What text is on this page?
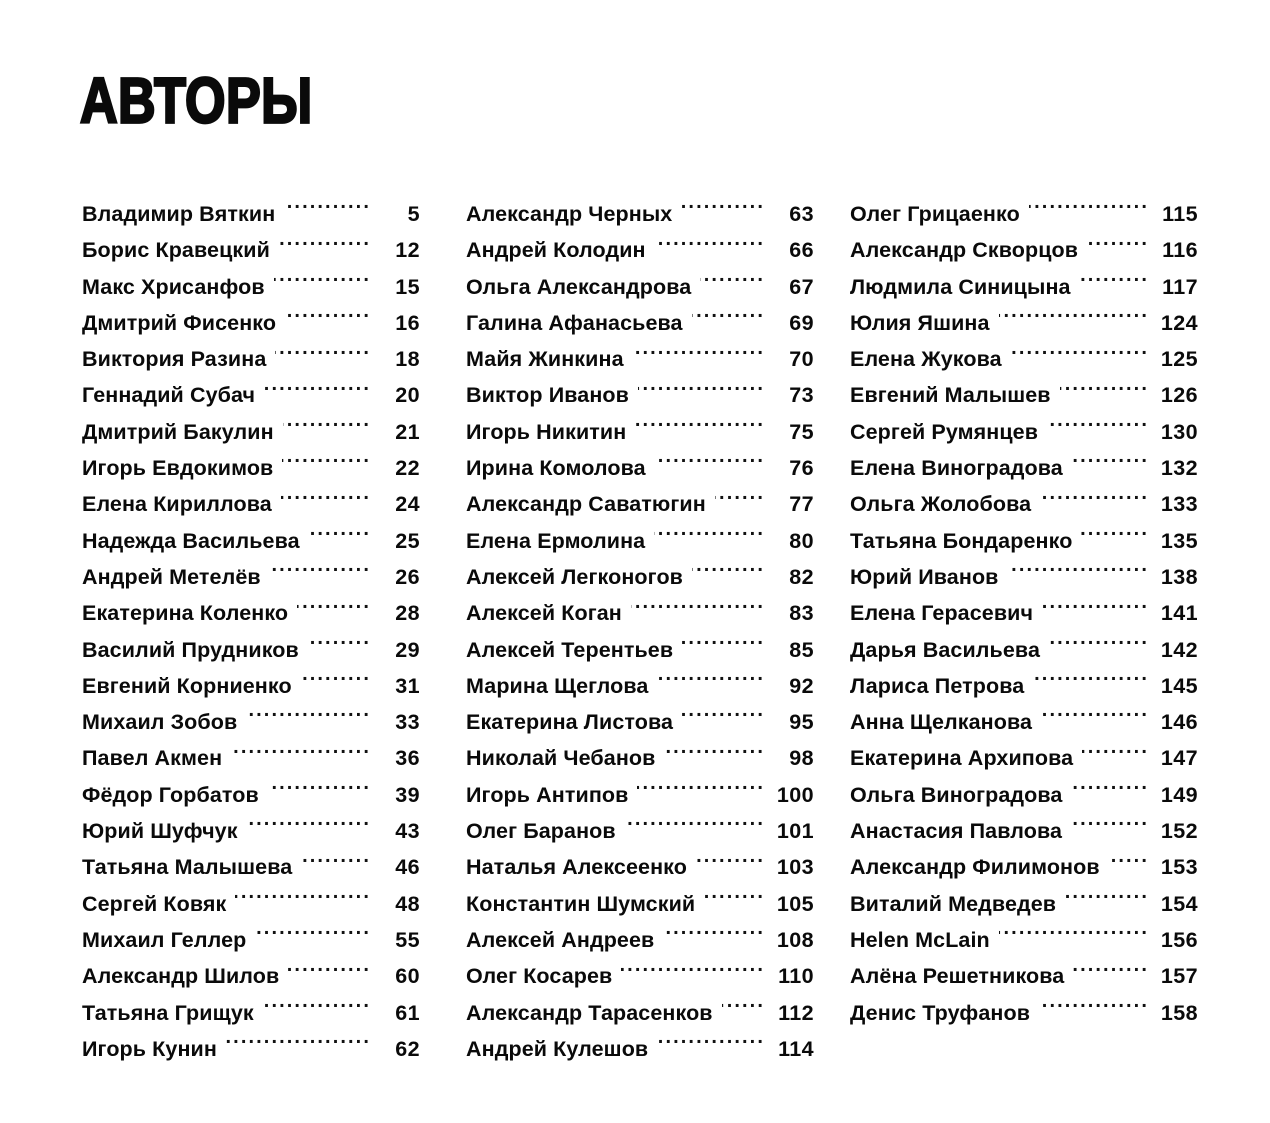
АВТОРЫ
Владимир Вяткин .....	5
Борис Кравецкий .....	12
Макс Хрисанфов .....	15
Дмитрий Фисенко .....	16
Виктория Разина .....	18
Геннадий Субач .....	20
Дмитрий Бакулин .....	21
Игорь Евдокимов .....	22
Елена Кириллова .....	24
Надежда Васильева .....	25
Андрей Метелёв .....	26
Екатерина Коленко .....	28
Василий Прудников .....	29
Евгений Корниенко .....	31
Михаил Зобов .....	33
Павел Акмен .....	36
Фёдор Горбатов .....	39
Юрий Шуфчук .....	43
Татьяна Малышева .....	46
Сергей Ковяк .....	48
Михаил Геллер .....	55
Александр Шилов .....	60
Татьяна Грищук .....	61
Игорь Кунин .....	62
Александр Черных .....	63
Андрей Колодин .....	66
Ольга Александрова .....	67
Галина Афанасьева .....	69
Майя Жинкина .....	70
Виктор Иванов .....	73
Игорь Никитин .....	75
Ирина Комолова .....	76
Александр Саватюгин .....	77
Елена Ермолина .....	80
Алексей Легконогов .....	82
Алексей Коган .....	83
Алексей Терентьев .....	85
Марина Щеглова .....	92
Екатерина Листова .....	95
Николай Чебанов .....	98
Игорь Антипов .....	100
Олег Баранов .....	101
Наталья Алексеенко .....	103
Константин Шумский .....	105
Алексей Андреев .....	108
Олег Косарев .....	110
Александр Тарасенков .....	112
Андрей Кулешов .....	114
Олег Грицаенко .....	115
Александр Скворцов .....	116
Людмила Синицына .....	117
Юлия Яшина .....	124
Елена Жукова .....	125
Евгений Малышев .....	126
Сергей Румянцев .....	130
Елена Виноградова .....	132
Ольга Жолобова .....	133
Татьяна Бондаренко .....	135
Юрий Иванов .....	138
Елена Герасевич .....	141
Дарья Васильева .....	142
Лариса Петрова .....	145
Анна Щелканова .....	146
Екатерина Архипова .....	147
Ольга Виноградова .....	149
Анастасия Павлова .....	152
Александр Филимонов .....	153
Виталий Медведев .....	154
Helen McLain .....	156
Алёна Решетникова .....	157
Денис Труфанов .....	158
